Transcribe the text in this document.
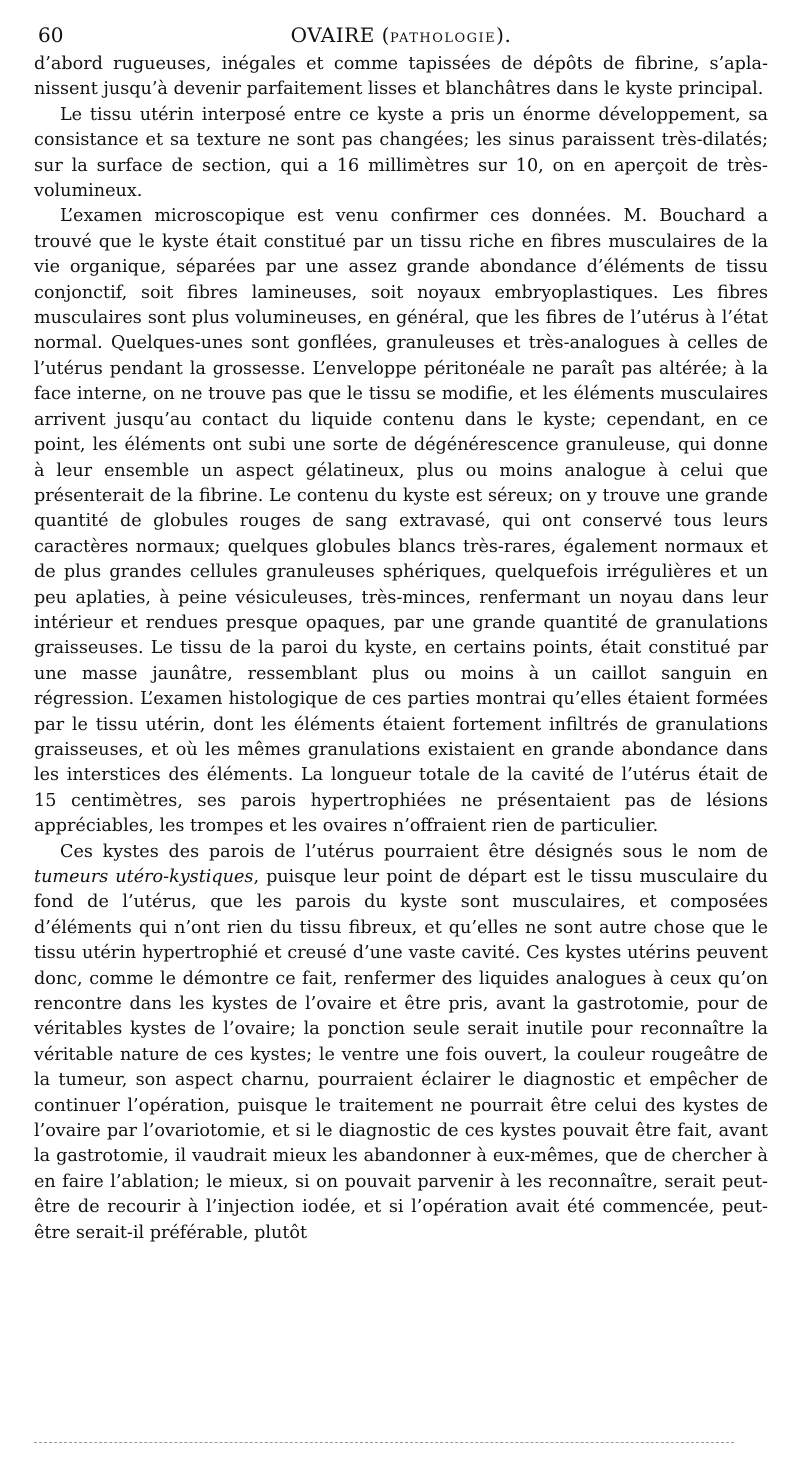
60	OVAIRE (PATHOLOGIE).

d’abord rugueuses, inégales et comme tapissées de dépôts de fibrine, s’aplanissent jusqu’à devenir parfaitement lisses et blanchâtres dans le kyste principal.

Le tissu utérin interposé entre ce kyste a pris un énorme développement, sa consistance et sa texture ne sont pas changées; les sinus paraissent très-dilatés; sur la surface de section, qui a 16 millimètres sur 10, on en aperçoit de très-volumineux.

L’examen microscopique est venu confirmer ces données. M. Bouchard a trouvé que le kyste était constitué par un tissu riche en fibres musculaires de la vie organique, séparées par une assez grande abondance d’éléments de tissu conjonctif, soit fibres lamineuses, soit noyaux embryoplastiques. Les fibres musculaires sont plus volumineuses, en général, que les fibres de l’utérus à l’état normal. Quelques-unes sont gonflées, granuleuses et très-analogues à celles de l’utérus pendant la grossesse. L’enveloppe péritonéale ne paraît pas altérée; à la face interne, on ne trouve pas que le tissu se modifie, et les éléments musculaires arrivent jusqu’au contact du liquide contenu dans le kyste; cependant, en ce point, les éléments ont subi une sorte de dégénérescence granuleuse, qui donne à leur ensemble un aspect gélatineux, plus ou moins analogue à celui que présenterait de la fibrine. Le contenu du kyste est séreux; on y trouve une grande quantité de globules rouges de sang extravasé, qui ont conservé tous leurs caractères normaux; quelques globules blancs très-rares, également normaux et de plus grandes cellules granuleuses sphériques, quelquefois irrégulières et un peu aplaties, à peine vésiculeuses, très-minces, renfermant un noyau dans leur intérieur et rendues presque opaques, par une grande quantité de granulations graisseuses. Le tissu de la paroi du kyste, en certains points, était constitué par une masse jaunâtre, ressemblant plus ou moins à un caillot sanguin en régression. L’examen histologique de ces parties montrai qu’elles étaient formées par le tissu utérin, dont les éléments étaient fortement infiltrés de granulations graisseuses, et où les mêmes granulations existaient en grande abondance dans les interstices des éléments. La longueur totale de la cavité de l’utérus était de 15 centimètres, ses parois hypertrophiées ne présentaient pas de lésions appréciables, les trompes et les ovaires n’offraient rien de particulier.

Ces kystes des parois de l’utérus pourraient être désignés sous le nom de tumeurs utéro-kystiques, puisque leur point de départ est le tissu musculaire du fond de l’utérus, que les parois du kyste sont musculaires, et composées d’éléments qui n’ont rien du tissu fibreux, et qu’elles ne sont autre chose que le tissu utérin hypertrophié et creusé d’une vaste cavité. Ces kystes utérins peuvent donc, comme le démontre ce fait, renfermer des liquides analogues à ceux qu’on rencontre dans les kystes de l’ovaire et être pris, avant la gastrotomie, pour de véritables kystes de l’ovaire; la ponction seule serait inutile pour reconnaître la véritable nature de ces kystes; le ventre une fois ouvert, la couleur rougeâtre de la tumeur, son aspect charnu, pourraient éclairer le diagnostic et empêcher de continuer l’opération, puisque le traitement ne pourrait être celui des kystes de l’ovaire par l’ovariotomie, et si le diagnostic de ces kystes pouvait être fait, avant la gastrotomie, il vaudrait mieux les abandonner à eux-mêmes, que de chercher à en faire l’ablation; le mieux, si on pouvait parvenir à les reconnaître, serait peut-être de recourir à l’injection iodée, et si l’opération avait été commencée, peut-être serait-il préférable, plutôt
